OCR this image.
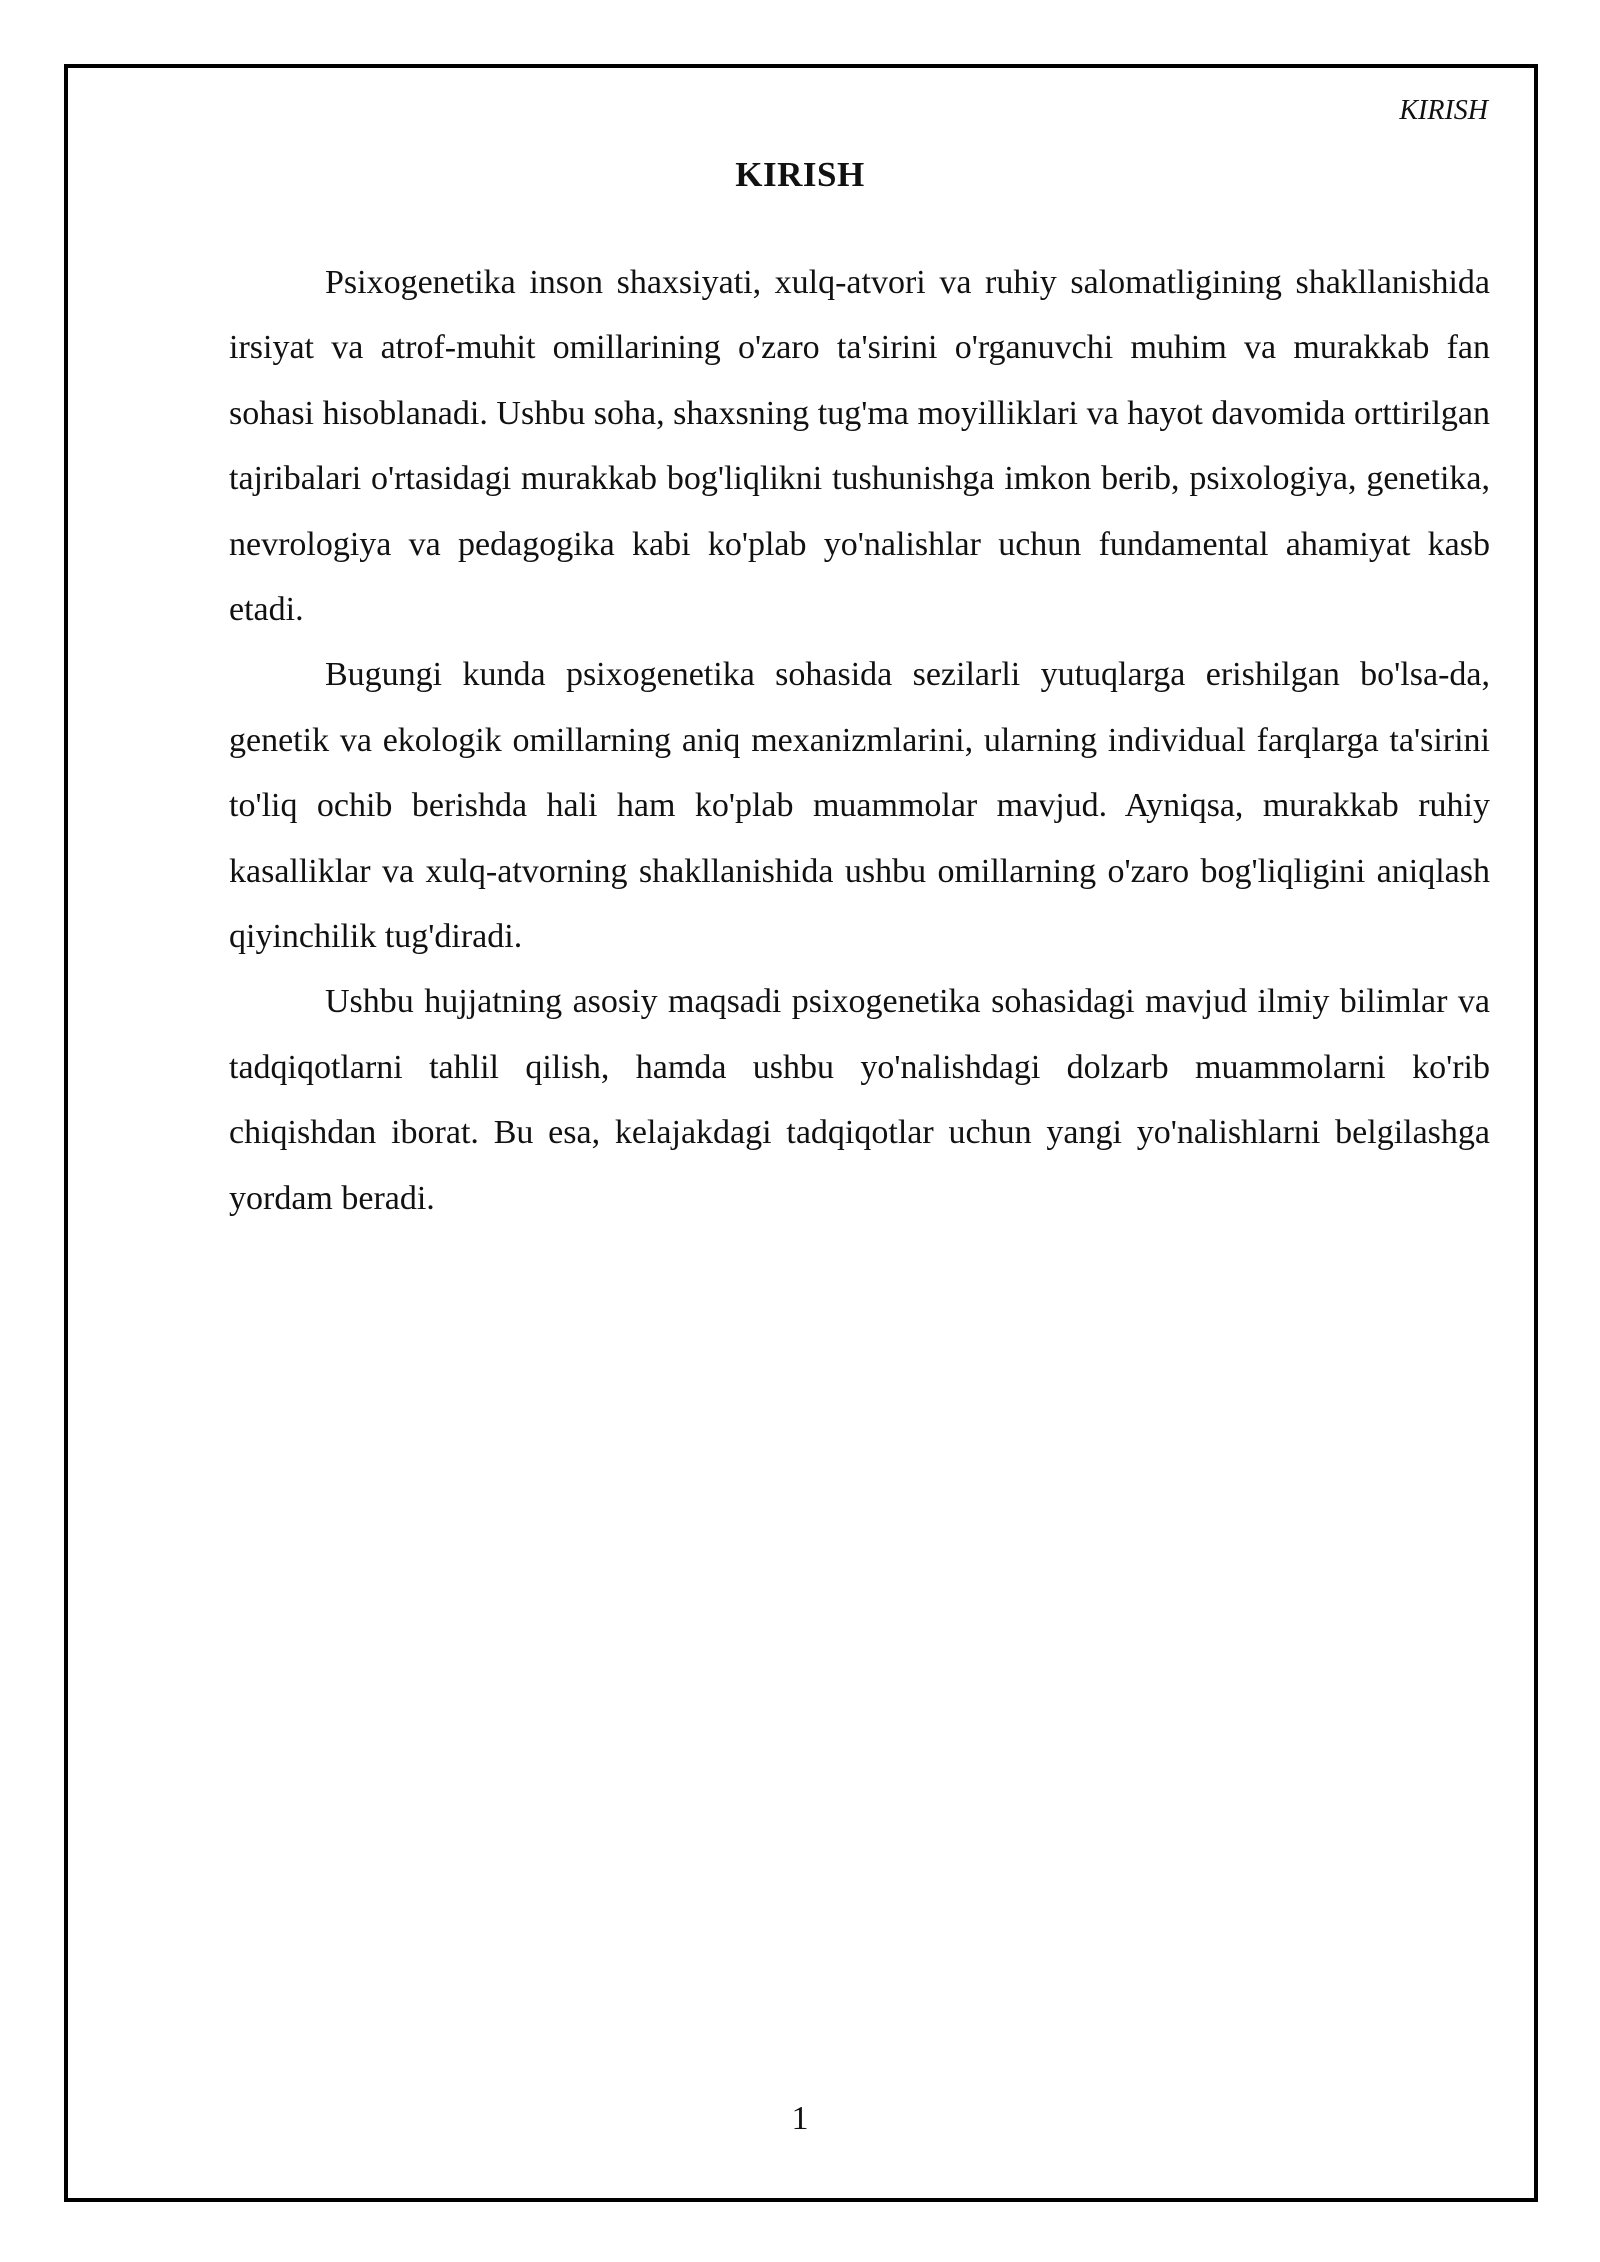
KIRISH
KIRISH

Psixogenetika inson shaxsiyati, xulq-atvori va ruhiy salomatligining shakllanishida irsiyat va atrof-muhit omillarining o'zaro ta'sirini o'rganuvchi muhim va murakkab fan sohasi hisoblanadi. Ushbu soha, shaxsning tug'ma moyilliklari va hayot davomida orttirilgan tajribalari o'rtasidagi murakkab bog'liqlikni tushunishga imkon berib, psixologiya, genetika, nevrologiya va pedagogika kabi ko'plab yo'nalishlar uchun fundamental ahamiyat kasb etadi.

Bugungi kunda psixogenetika sohasida sezilarli yutuqlarga erishilgan bo'lsa-da, genetik va ekologik omillarning aniq mexanizmlarini, ularning individual farqlarga ta'sirini to'liq ochib berishda hali ham ko'plab muammolar mavjud. Ayniqsa, murakkab ruhiy kasalliklar va xulq-atvorning shakllanishida ushbu omillarning o'zaro bog'liqligini aniqlash qiyinchilik tug'diradi.

Ushbu hujjatning asosiy maqsadi psixogenetika sohasidagi mavjud ilmiy bilimlar va tadqiqotlarni tahlil qilish, hamda ushbu yo'nalishdagi dolzarb muammolarni ko'rib chiqishdan iborat. Bu esa, kelajakdagi tadqiqotlar uchun yangi yo'nalishlarni belgilashga yordam beradi.

1
